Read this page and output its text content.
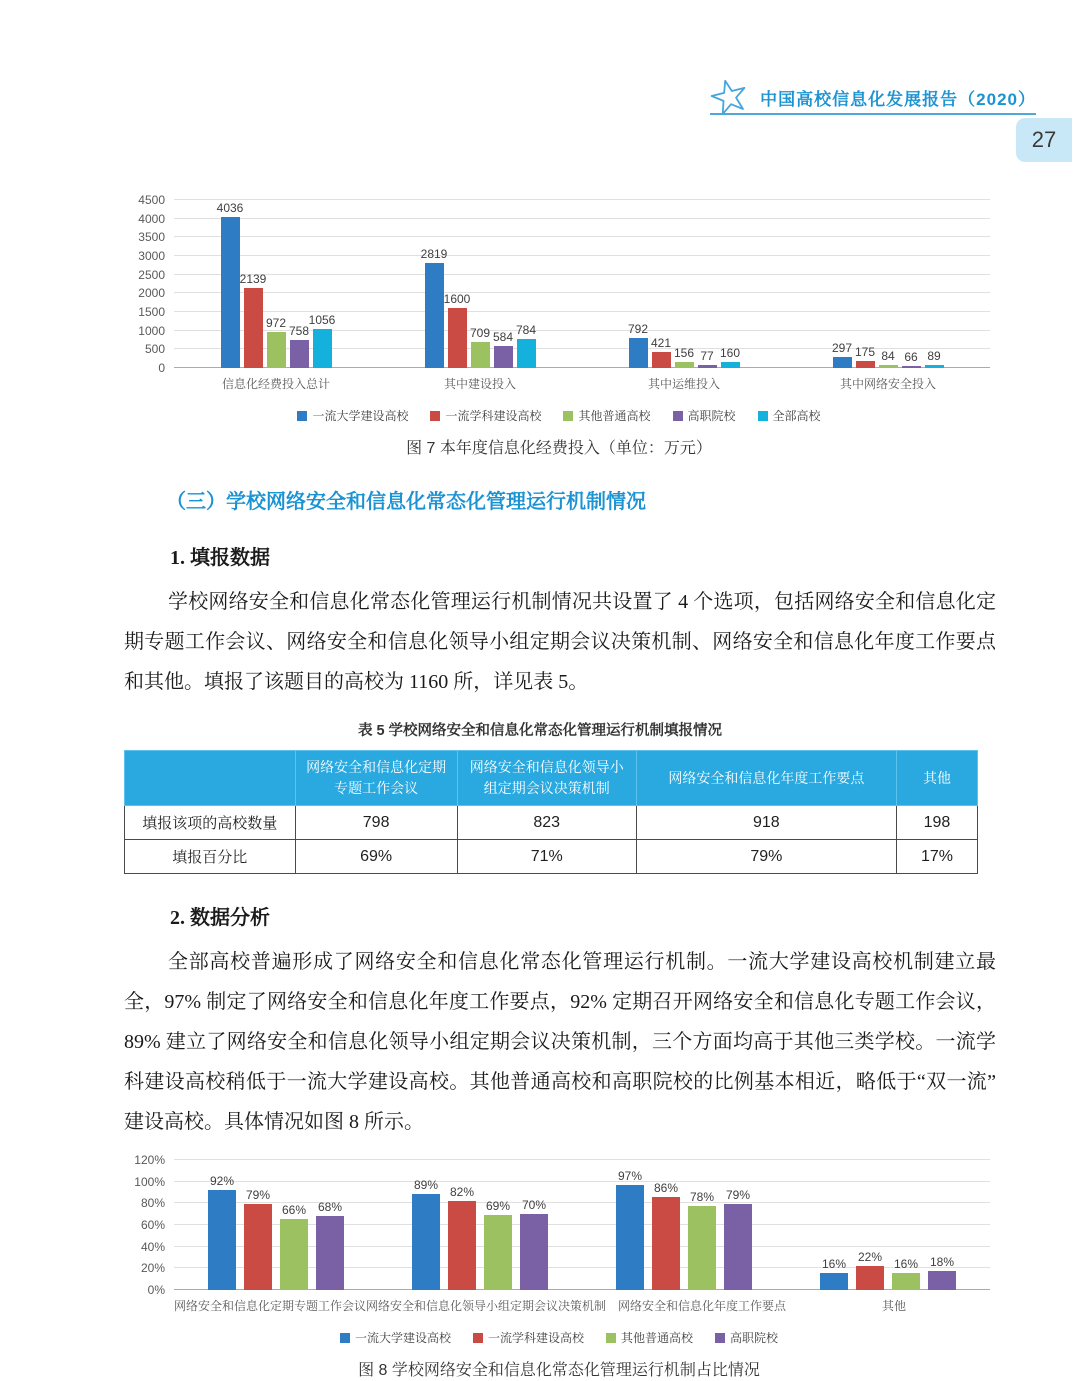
中国高校信息化发展报告（2020）
27
0
500
1000
1500
2000
2500
3000
3500
4000
4500
4036
2139
972
758
1056
2819
1600
709 584
784	792
421
156 77 160	297 175 84 66 89
信息化经费投入总计	其中建设投入	其中运维投入	其中网络安全投入
一流大学建设高校	一流学科建设高校	其他普通高校	高职院校	全部高校
图 7 本年度信息化经费投入（单位：万元）
（三）学校网络安全和信息化常态化管理运行机制情况
1. 填报数据

学校网络安全和信息化常态化管理运行机制情况共设置了 4 个选项，包括网络安全和信息化定期专题工作会议、网络安全和信息化领导小组定期会议决策机制、网络安全和信息化年度工作要点和其他。填报了该题目的高校为 1160 所，详见表 5。

表 5 学校网络安全和信息化常态化管理运行机制填报情况
	网络安全和信息化定期专题工作会议	网络安全和信息化领导小组定期会议决策机制	网络安全和信息化年度工作要点	其他
填报该项的高校数量	798	823	918	198
填报百分比	69%	71%	79%	17%
2. 数据分析

全部高校普遍形成了网络安全和信息化常态化管理运行机制。一流大学建设高校机制建立最全，97% 制定了网络安全和信息化年度工作要点，92% 定期召开网络安全和信息化专题工作会议，89% 建立了网络安全和信息化领导小组定期会议决策机制，三个方面均高于其他三类学校。一流学科建设高校稍低于一流大学建设高校。其他普通高校和高职院校的比例基本相近，略低于“双一流”建设高校。具体情况如图 8 所示。

0%
20%
40%
60%
80%
100%
120%
92%
79%
66% 68%
89%
82%
69% 70%
97%
86%
78% 79%
16% 22% 16% 18%
网络安全和信息化定期专题工作会议 网络安全和信息化领导小组定期会议决策机制 网络安全和信息化年度工作要点	其他
一流大学建设高校	一流学科建设高校	其他普通高校	高职院校
图 8 学校网络安全和信息化常态化管理运行机制占比情况
